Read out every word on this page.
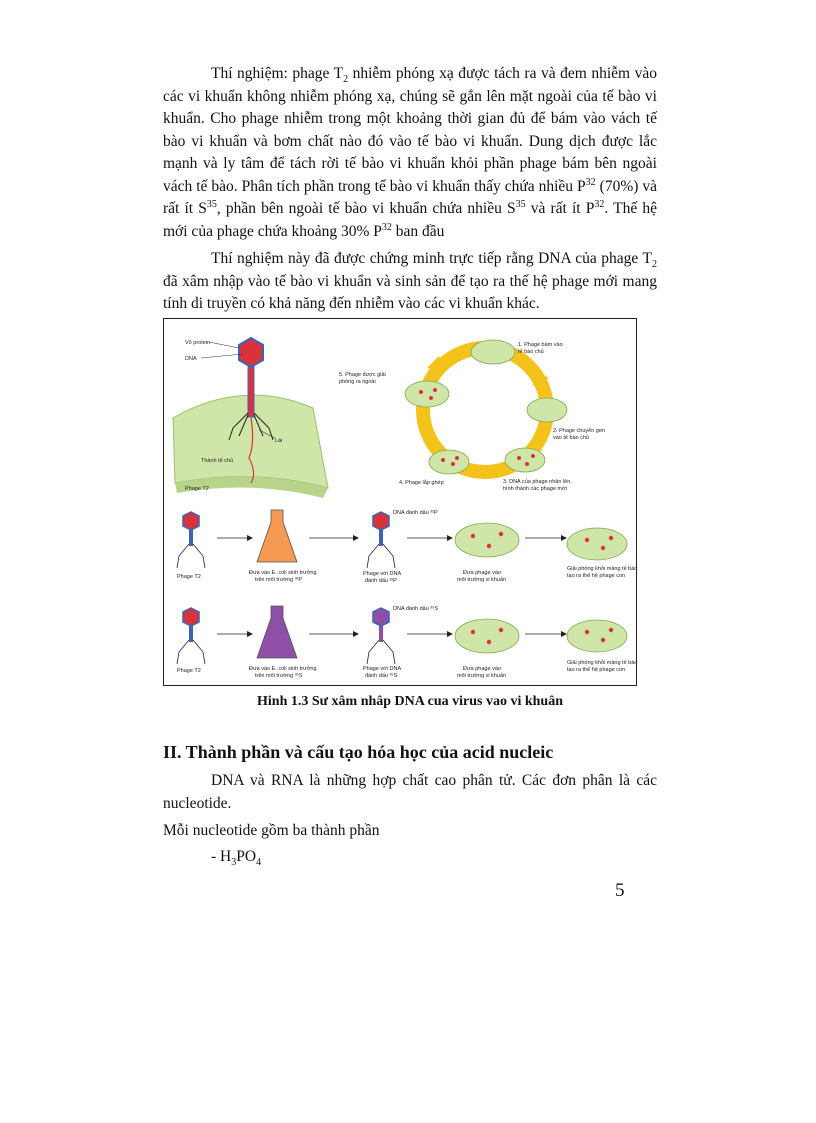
Thí nghiệm: phage $T_2$ nhiễm phóng xạ được tách ra và đem nhiễm vào các vi khuẩn không nhiễm phóng xạ, chúng sẽ gắn lên mặt ngoài của tế bào vi khuẩn. Cho phage nhiễm trong một khoảng thời gian đủ để bám vào vách tế bào vi khuẩn và bơm chất nào đó vào tế bào vi khuẩn. Dung dịch được lắc mạnh và ly tâm để tách rời tế bào vi khuẩn khỏi phần phage bám bên ngoài vách tế bào. Phân tích phần trong tế bào vi khuẩn thấy chứa nhiều $P^{32}$ (70%) và rất ít $S^{35}$, phần bên ngoài tế bào vi khuẩn chứa nhiều $S^{35}$ và rất ít $P^{32}$. Thế hệ mới của phage chứa khoảng 30% $P^{32}$ ban đầu

Thí nghiệm này đã được chứng minh trực tiếp rằng DNA của phage $T_2$ đã xâm nhập vào tế bào vi khuẩn và sinh sản để tạo ra thế hệ phage mới mang tính di truyền có khả năng đến nhiễm vào các vi khuẩn khác.

Vỏ protein
DNA
Lái
Thành tế chủ
Phage T2
1. Phage bám vào
tế bào chủ
2. Phage chuyển gen
vào tế bào chủ
3. DNA của phage nhân lên,
hình thành các phage mới
4. Phage lắp ghép
5. Phage được giải
phóng ra ngoài
Phage T2
Đưa vào E. coli sinh trưởng
trên môi trường ³²P
DNA đánh dấu ³²P
Phage với DNA
đánh dấu ³²P
Đưa phage vào
môi trường vi khuẩn
Giải phóng khỏi màng tế bào
tạo ra thế hệ phage con
Phage T2	Đưa vào E. coli sinh trưởng
trên môi trường ³⁵S
DNA đánh dấu ³⁵S
Phage với DNA
đánh dấu ³⁵S
Đưa phage vào
môi trường vi khuẩn
Giải phóng khỏi màng tế bào
tạo ra thế hệ phage con
Hinh 1.3 Sư xâm nhâp DNA cua virus vao vi khuân
II. Thành phần và cấu tạo hóa học của acid nucleic

DNA và RNA là những hợp chất cao phân tử. Các đơn phân là các nucleotide.

Mỗi nucleotide gồm ba thành phần

- $H_3PO_4$

5
